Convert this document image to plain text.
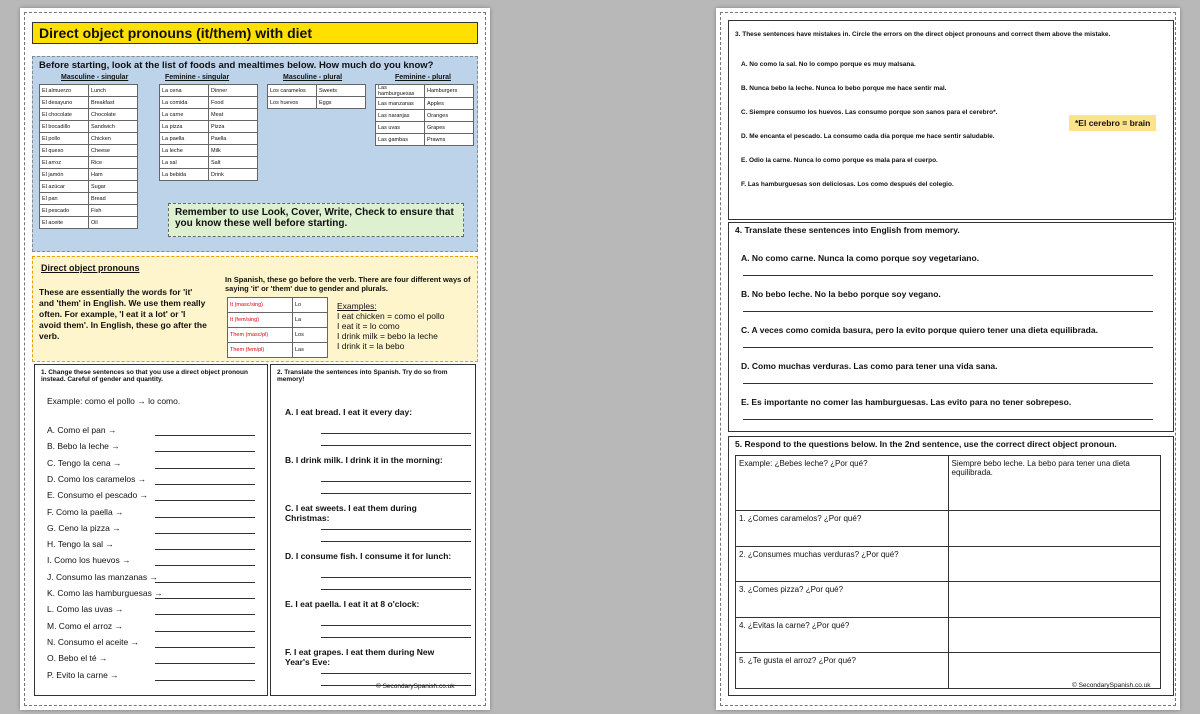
Direct object pronouns (it/them) with diet
Before starting, look at the list of foods and mealtimes below. How much do you know?
Masculine - singular	Feminine - singular	Masculine - plural	Feminine - plural
El almuerzo	Lunch
El desayuno	Breakfast
El chocolate	Chocolate
El bocadillo	Sandwich
El pollo	Chicken
El queso	Cheese
El arroz	Rice
El jamón	Ham
El azúcar	Sugar
El pan	Bread
El pescado	Fish
El aceite	Oil
La cena	Dinner
La comida	Food
La carne	Meat
La pizza	Pizza
La paella	Paella
La leche	Milk
La sal	Salt
La bebida	Drink
Los caramelos	Sweets
Los huevos	Eggs
Las hamburguesas	Hamburgers
Las manzanas	Apples
Las naranjas	Oranges
Las uvas	Grapes
Las gambas	Prawns
Remember to use Look, Cover, Write, Check to ensure that you know these well before starting.
Direct object pronouns
These are essentially the words for 'it' and 'them' in English. We use them really often. For example, 'I eat it a lot' or 'I avoid them'. In English, these go after the verb.
In Spanish, these go before the verb. There are four different ways of saying 'it' or 'them' due to gender and plurals.
It (masc/sing)	Lo
It (fem/sing)	La
Them (masc/pl)	Los
Them (fem/pl)	Las
Examples:
I eat chicken = como el pollo
I eat it = lo como
I drink milk = bebo la leche
I drink it = la bebo
1. Change these sentences so that you use a direct object pronoun instead. Careful of gender and quantity.
Example: como el pollo → lo como.
A. Como el pan →
B. Bebo la leche →
C. Tengo la cena →
D. Como los caramelos →
E. Consumo el pescado →
F. Como la paella →
G. Ceno la pizza →
H. Tengo la sal →
I. Como los huevos →
J. Consumo las manzanas →
K. Como las hamburguesas →
L. Como las uvas →
M. Como el arroz →
N. Consumo el aceite →
O. Bebo el té →
P. Evito la carne →
2. Translate the sentences into Spanish. Try do so from memory!
A. I eat bread. I eat it every day:
B. I drink milk. I drink it in the morning:
C. I eat sweets. I eat them during Christmas:
D. I consume fish. I consume it for lunch:
E. I eat paella. I eat it at 8 o'clock:
F. I eat grapes. I eat them during New Year's Eve:
© SecondarySpanish.co.uk
3. These sentences have mistakes in. Circle the errors on the direct object pronouns and correct them above the mistake.
A. No como la sal. No lo compo porque es muy malsana.
B. Nunca bebo la leche. Nunca lo bebo porque me hace sentir mal.
C. Siempre consumo los huevos. Las consumo porque son sanos para el cerebro*.
D. Me encanta el pescado. La consumo cada día porque me hace sentir saludable.
E. Odio la carne. Nunca lo como porque es mala para el cuerpo.
F. Las hamburguesas son deliciosas. Los como después del colegio.
*El cerebro = brain
4. Translate these sentences into English from memory.
A. No como carne. Nunca la como porque soy vegetariano.
B. No bebo leche. No la bebo porque soy vegano.
C. A veces como comida basura, pero la evito porque quiero tener una dieta equilibrada.
D. Como muchas verduras. Las como para tener una vida sana.
E. Es importante no comer las hamburguesas. Las evito para no tener sobrepeso.
5. Respond to the questions below. In the 2nd sentence, use the correct direct object pronoun.
Example: ¿Bebes leche? ¿Por qué?	Siempre bebo leche. La bebo para tener una dieta equilibrada.
1. ¿Comes caramelos? ¿Por qué?	
2. ¿Consumes muchas verduras? ¿Por qué?	
3. ¿Comes pizza? ¿Por qué?	
4. ¿Evitas la carne? ¿Por qué?	
5. ¿Te gusta el arroz? ¿Por qué?	
© SecondarySpanish.co.uk
